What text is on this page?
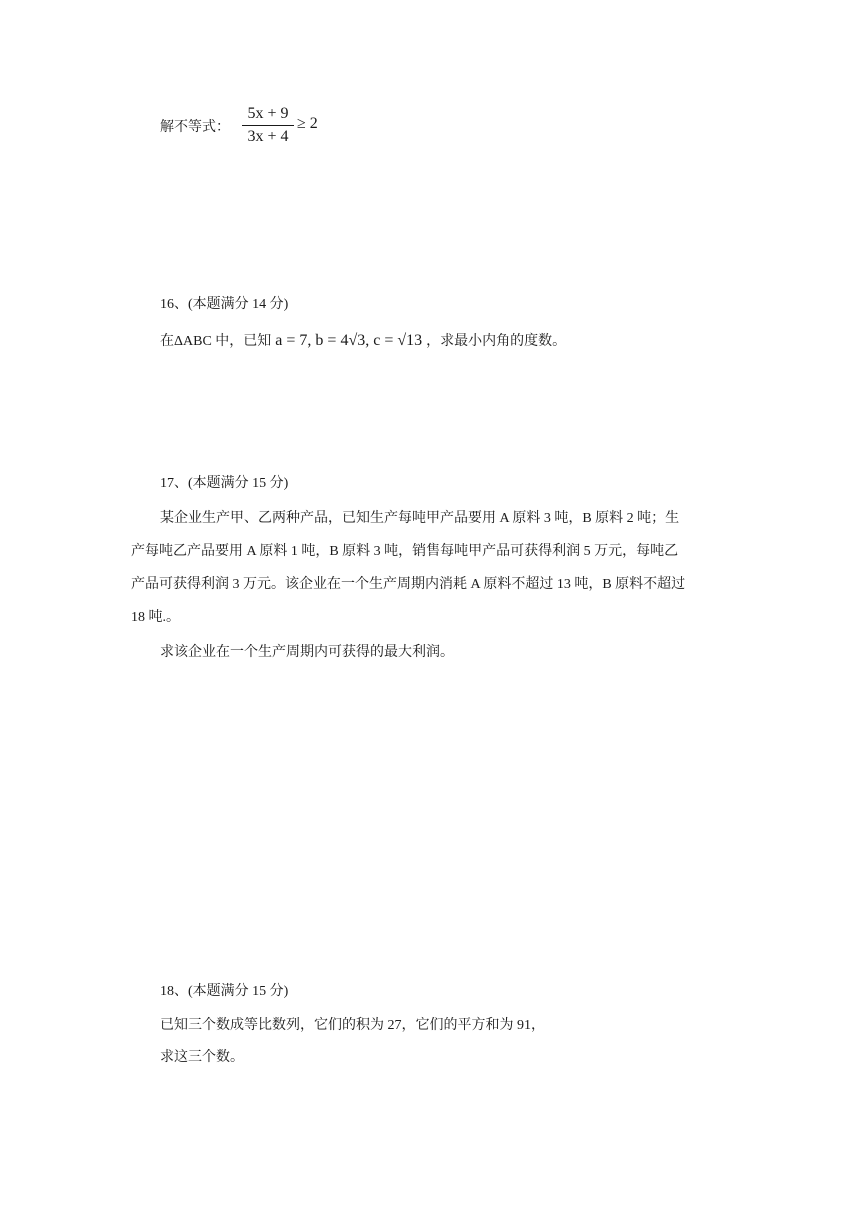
解不等式：
5x + 9
3x + 4
≥ 2
16、(本题满分 14 分)
在ΔABC 中，已知 a = 7, b = 4√3, c = √13 ，求最小内角的度数。
17、(本题满分 15 分)
某企业生产甲、乙两种产品，已知生产每吨甲产品要用 A 原料 3 吨，B 原料 2 吨；生
产每吨乙产品要用 A 原料 1 吨，B 原料 3 吨，销售每吨甲产品可获得利润 5 万元，每吨乙
产品可获得利润 3 万元。该企业在一个生产周期内消耗 A 原料不超过 13 吨，B 原料不超过
18 吨.。
求该企业在一个生产周期内可获得的最大利润。
18、(本题满分 15 分)
已知三个数成等比数列，它们的积为 27，它们的平方和为 91，
求这三个数。
